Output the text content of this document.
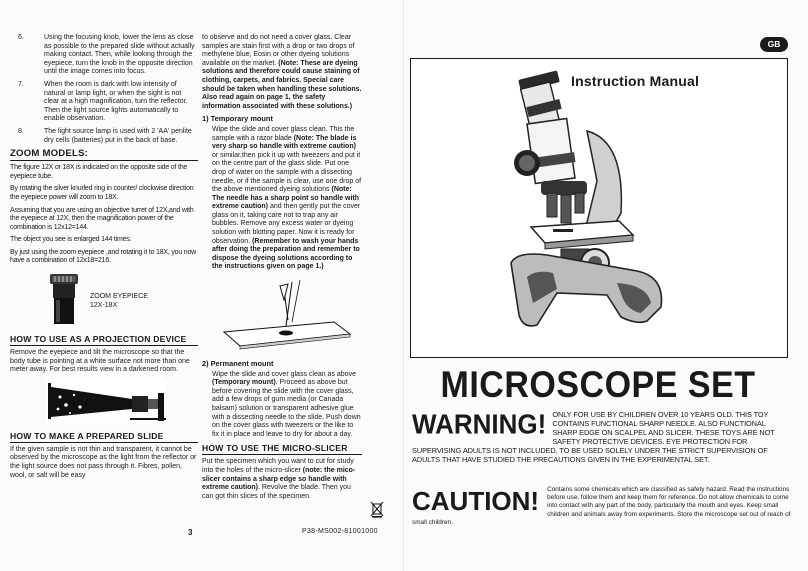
6.	Using the focusing knob, lower the lens as close as possible to the prepared slide without actually making contact. Then, while looking through the eyepiece, turn the knob in the opposite direction until the image comes into focus.
7.	When the room is dark with low intensity of natural or lamp light, or when the sight is not clear at a high magnification, turn the reflector. Then the light source lights automatically to enable observation.
8.	The light source lamp is used with 2 'AA' penlite dry cells (batteries) put in the back of base.
ZOOM MODELS:

The figure 12X or 18X is indicated on the opposite side of the eyepiece tube.

By rotating the silver knurled ring in counter/ clockwise direction the eyepiece power will zoom to 18X.

Assuming that you are using an objective turret of 12X,and with the eyepiece at 12X, then the magnification power of the combination is 12x12=144.

The object you see is enlarged 144 times.

By just using the zoom eyepiece ,and rotating it to 18X, you now have a combination of 12x18=216.

ZOOM EYEPIECE
12X-18X
HOW TO USE AS A PROJECTION DEVICE

Remove the eyepiece and tilt the microscope so that the body tube is pointing at a white surface not more than one meter away. For best results view in a darkened room.

HOW TO MAKE A PREPARED SLIDE

If the given sample is not thin and transparent, it cannot be observed by the microscope as the light from the reflector or the light source does not pass through it. Fibres, pollen, wool, or salt will be easy

to observe and do not need a cover glass. Clear samples are stain first with a drop or two drops of methylene blue, Eosin or other dyeing solutions available on the market. (Note: These are dyeing solutions and therefore could cause staining of clothing, carpets, and fabrics. Special care should be taken when handling these solutions. Also read again on page 1, the safety information associated with these solutions.)

1) Temporary mount

Wipe the slide and cover glass clean. This the sample with a razor blade (Note: The blade is very sharp so handle with extreme caution) or similar,then pick it up with tweezers and put it on the centre part of the glass slide. Put one drop of water on the sample with a dissecting needle, or if the sample is clear, use one drop of the above mentioned dyeing solutions (Note: The needle has a sharp point so handle with extreme caution) and then gently put the cover glass on it, taking care not to trap any air bubbles. Remove any excess water or dyeing solution with blotting paper. Now it is ready for observation. (Remember to wash your hands after doing the preparation and remember to dispose the dyeing solutions according to the instructions given on page 1.)

2) Permanent mount

Wipe the slide and cover glass clean as above (Temporary mount). Proceed as above but before covering the slide with the cover glass, add a few drops of gum media (or Canada balsam) solution or transparent adhesive glue with a dissecting needle to the slide. Push down on the cover glass with tweezers or the like to fix it in place and leave to dry for about a day.

HOW TO USE THE MICRO-SLICER

Put the specimen which you want to cut for study into the holes of the micro-slicer (note: the mico-slicer contains a sharp edge so handle with extreme caution). Revolve the blade. Then you can got thin slices of the specimen.

3	P38-MS002-81001000
GB
Instruction Manual
MICROSCOPE SET
WARNING! ONLY FOR USE BY CHILDREN OVER 10 YEARS OLD. THIS TOY CONTAINS FUNCTIONAL SHARP NEEDLE. ALSO FUNCTIONAL SHARP EDGE ON SCALPEL AND SLICER. THESE TOYS ARE NOT SAFETY PROTECTIVE DEVICES. EYE PROTECTION FOR SUPERVISING ADULTS IS NOT INCLUDED. TO BE USED SOLELY UNDER THE STRICT SUPERVISION OF ADULTS THAT HAVE STUDIED THE PRECAUTIONS GIVEN IN THE EXPERIMENTAL SET.
CAUTION!	Contains some chemicals which are classified as safety hazard. Read the instructions before use, follow them and keep them for reference. Do not allow chemicals to come into contact with any part of the body, particularly the mouth and eyes. Keep small children and animals away from experiments. Store the microscope set out of reach of small children.
